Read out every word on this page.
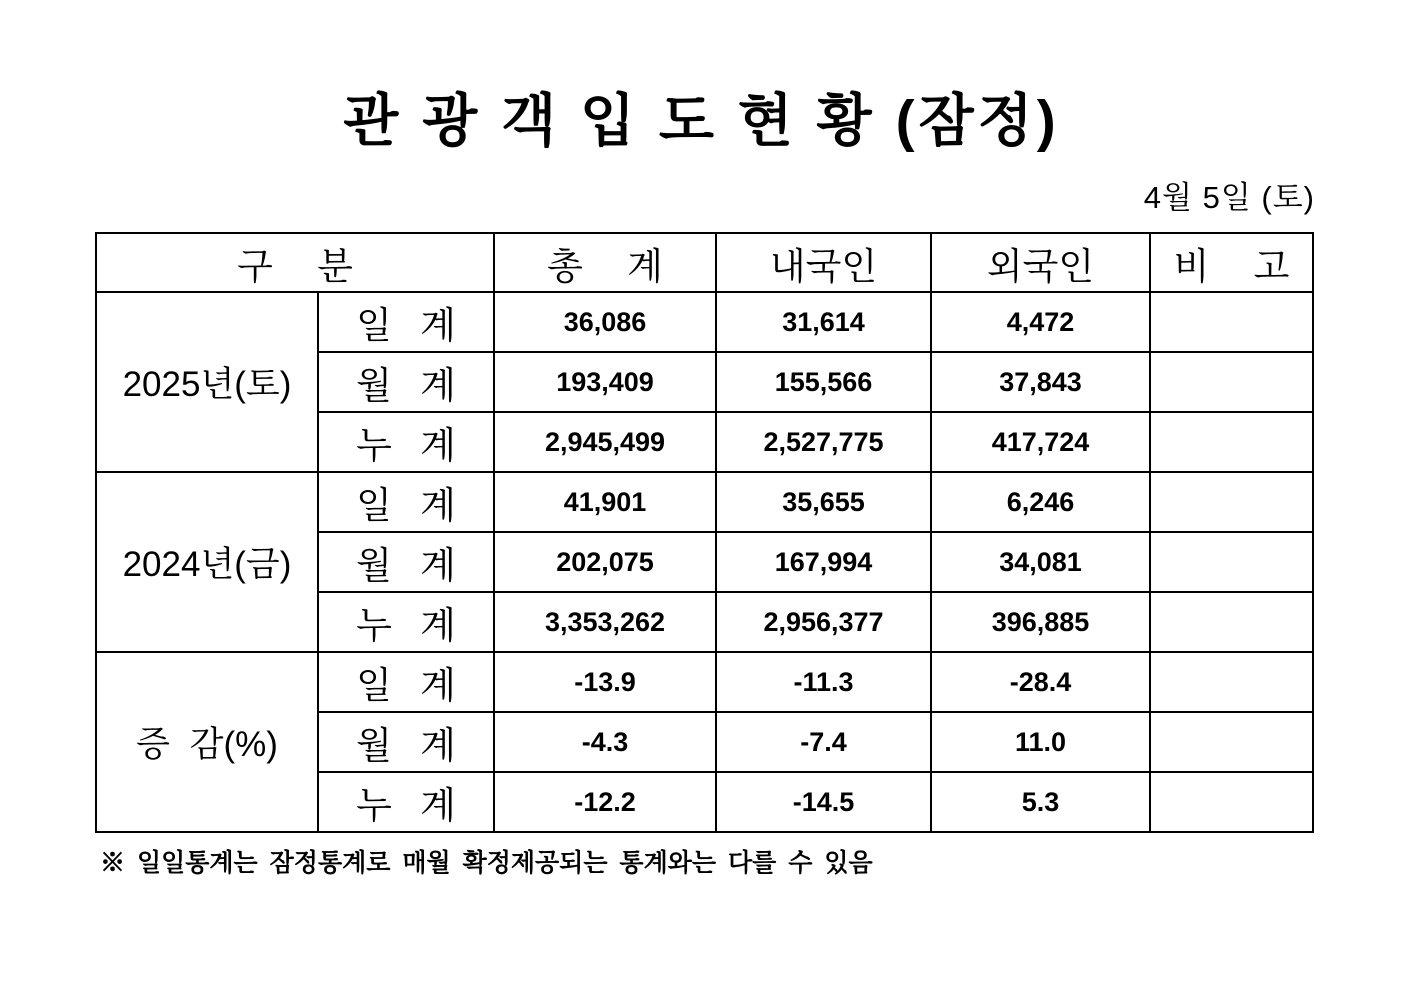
관 광 객 입 도 현 황 (잠정)
4월 5일 (토)
구 분		총 계	내국인	외국인	비 고
2025년(토)	일 계	36,086	31,614	4,472	
	월 계	193,409	155,566	37,843	
	누 계	2,945,499	2,527,775	417,724	
2024년(금)	일 계	41,901	35,655	6,246	
	월 계	202,075	167,994	34,081	
	누 계	3,353,262	2,956,377	396,885	
증 감(%)	일 계	-13.9	-11.3	-28.4	
	월 계	-4.3	-7.4	11.0	
	누 계	-12.2	-14.5	5.3	
※ 일일통계는 잠정통계로 매월 확정제공되는 통계와는 다를 수 있음
